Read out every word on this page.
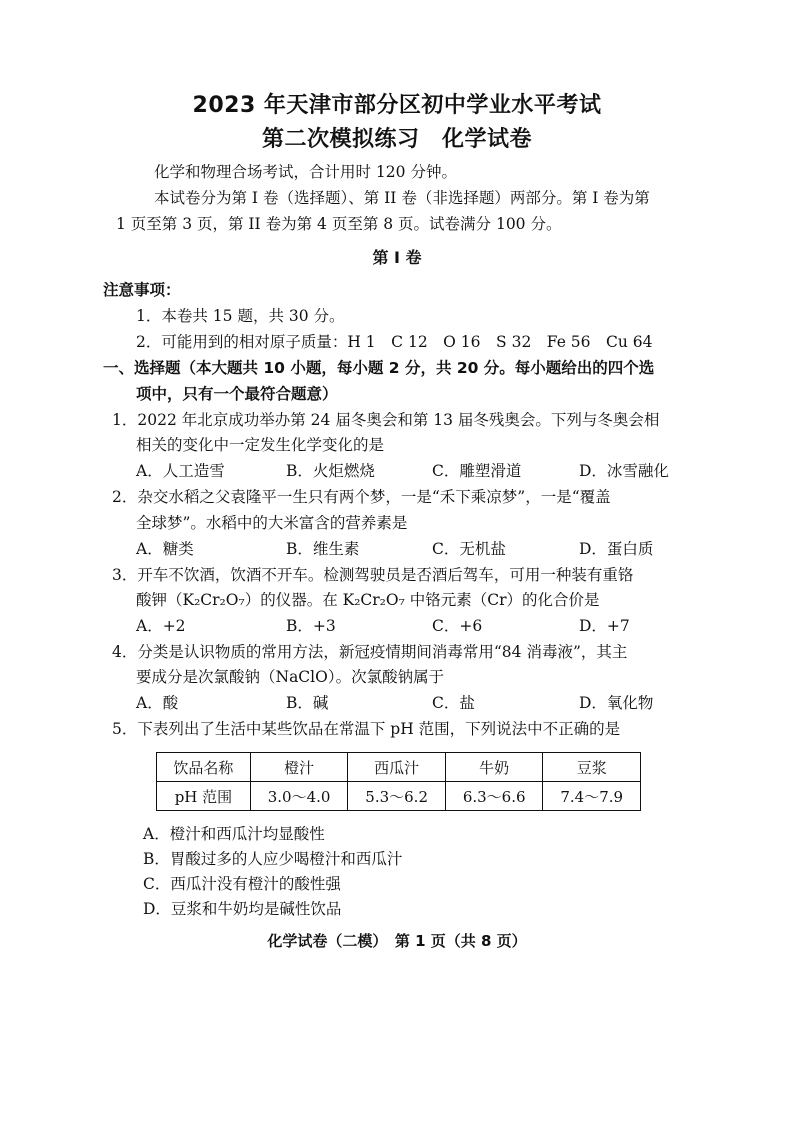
2023 年天津市部分区初中学业水平考试
第二次模拟练习　化学试卷
化学和物理合场考试，合计用时 120 分钟。
本试卷分为第 I 卷（选择题）、第 II 卷（非选择题）两部分。第 I 卷为第
1 页至第 3 页，第 II 卷为第 4 页至第 8 页。试卷满分 100 分。
第 I 卷
注意事项：
1．本卷共 15 题，共 30 分。
2．可能用到的相对原子质量：H 1　C 12　O 16　S 32　Fe 56　Cu 64
一、选择题（本大题共 10 小题，每小题 2 分，共 20 分。每小题给出的四个选
项中，只有一个最符合题意）
1．2022 年北京成功举办第 24 届冬奥会和第 13 届冬残奥会。下列与冬奥会相
相关的变化中一定发生化学变化的是
A．人工造雪	B．火炬燃烧	C．雕塑滑道	D．冰雪融化
2．杂交水稻之父袁隆平一生只有两个梦，一是“禾下乘凉梦”，一是“覆盖
全球梦”。水稻中的大米富含的营养素是
A．糖类	B．维生素	C．无机盐	D．蛋白质
3．开车不饮酒，饮酒不开车。检测驾驶员是否酒后驾车，可用一种装有重铬
酸钾（K₂Cr₂O₇）的仪器。在 K₂Cr₂O₇ 中铬元素（Cr）的化合价是
A．+2	B．+3	C．+6	D．+7
4．分类是认识物质的常用方法，新冠疫情期间消毒常用“84 消毒液”，其主
要成分是次氯酸钠（NaClO）。次氯酸钠属于
A．酸	B．碱	C．盐	D．氧化物
5．下表列出了生活中某些饮品在常温下 pH 范围，下列说法中不正确的是
饮品名称	橙汁	西瓜汁	牛奶	豆浆
pH 范围	3.0～4.0	5.3～6.2	6.3～6.6	7.4～7.9
A．橙汁和西瓜汁均显酸性
B．胃酸过多的人应少喝橙汁和西瓜汁
C．西瓜汁没有橙汁的酸性强
D．豆浆和牛奶均是碱性饮品
化学试卷（二模）　第 1 页（共 8 页）
